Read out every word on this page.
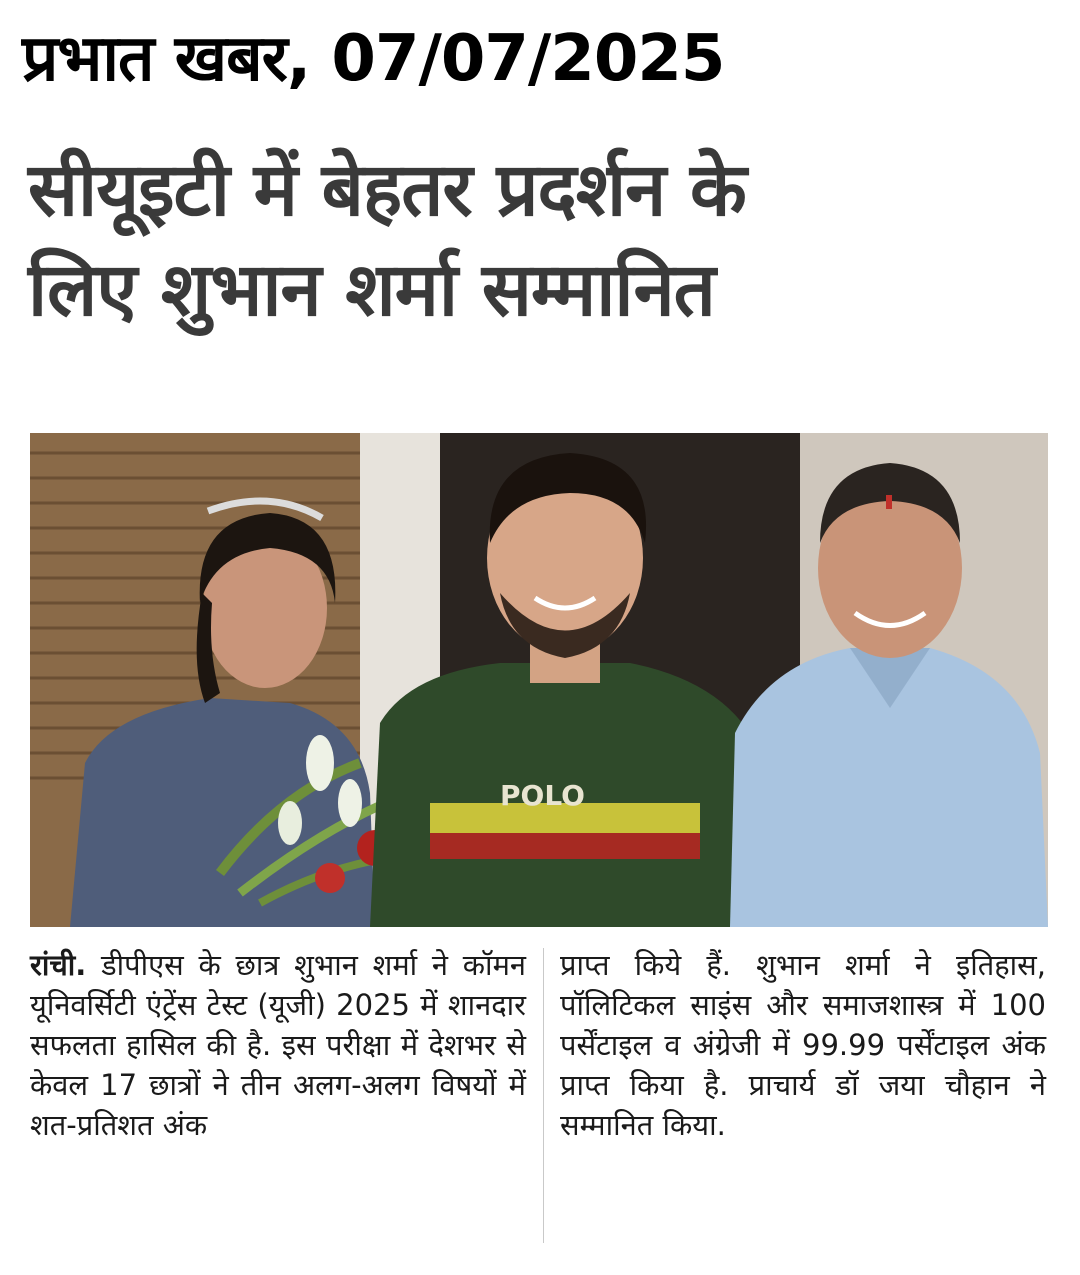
प्रभात खबर, 07/07/2025
सीयूइटी में बेहतर प्रदर्शन के
लिए शुभान शर्मा सम्मानित
POLO
रांची. डीपीएस के छात्र शुभान शर्मा ने कॉमन यूनिवर्सिटी एंट्रेंस टेस्ट (यूजी) 2025 में शानदार सफलता हासिल की है. इस परीक्षा में देशभर से केवल 17 छात्रों ने तीन अलग-अलग विषयों में शत-प्रतिशत अंक
प्राप्त किये हैं. शुभान शर्मा ने इतिहास, पॉलिटिकल साइंस और समाजशास्त्र में 100 पर्सेंटाइल व अंग्रेजी में 99.99 पर्सेंटाइल अंक प्राप्त किया है. प्राचार्य डॉ जया चौहान ने सम्मानित किया.
